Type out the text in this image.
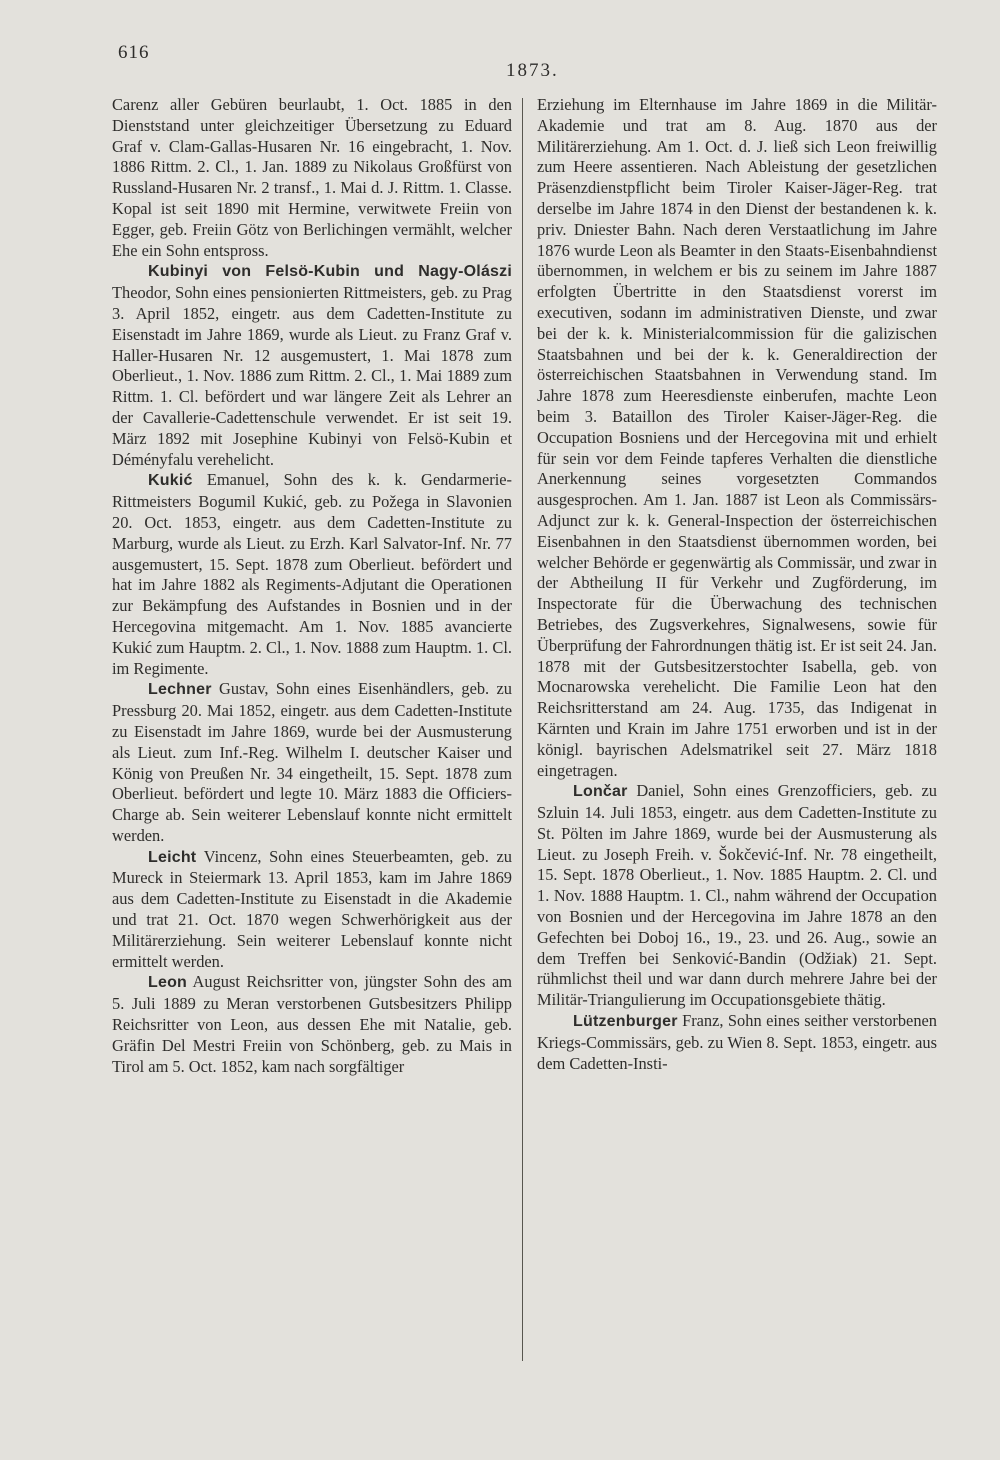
616
1873.

Carenz aller Gebüren beurlaubt, 1. Oct. 1885 in den Dienststand unter gleichzeitiger Übersetzung zu Eduard Graf v. Clam-Gallas-Husaren Nr. 16 eingebracht, 1. Nov. 1886 Rittm. 2. Cl., 1. Jan. 1889 zu Nikolaus Großfürst von Russland-Husaren Nr. 2 transf., 1. Mai d. J. Rittm. 1. Classe. Kopal ist seit 1890 mit Hermine, verwitwete Freiin von Egger, geb. Freiin Götz von Berlichingen vermählt, welcher Ehe ein Sohn entspross.

Kubinyi von Felsö-Kubin und Nagy-Olászi Theodor, Sohn eines pensionierten Rittmeisters, geb. zu Prag 3. April 1852, eingetr. aus dem Cadetten-Institute zu Eisenstadt im Jahre 1869, wurde als Lieut. zu Franz Graf v. Haller-Husaren Nr. 12 ausgemustert, 1. Mai 1878 zum Oberlieut., 1. Nov. 1886 zum Rittm. 2. Cl., 1. Mai 1889 zum Rittm. 1. Cl. befördert und war längere Zeit als Lehrer an der Cavallerie-Cadettenschule verwendet. Er ist seit 19. März 1892 mit Josephine Kubinyi von Felsö-Kubin et Déményfalu verehelicht.

Kukić Emanuel, Sohn des k. k. Gendarmerie-Rittmeisters Bogumil Kukić, geb. zu Požega in Slavonien 20. Oct. 1853, eingetr. aus dem Cadetten-Institute zu Marburg, wurde als Lieut. zu Erzh. Karl Salvator-Inf. Nr. 77 ausgemustert, 15. Sept. 1878 zum Oberlieut. befördert und hat im Jahre 1882 als Regiments-Adjutant die Operationen zur Bekämpfung des Aufstandes in Bosnien und in der Hercegovina mitgemacht. Am 1. Nov. 1885 avancierte Kukić zum Hauptm. 2. Cl., 1. Nov. 1888 zum Hauptm. 1. Cl. im Regimente.

Lechner Gustav, Sohn eines Eisenhändlers, geb. zu Pressburg 20. Mai 1852, eingetr. aus dem Cadetten-Institute zu Eisenstadt im Jahre 1869, wurde bei der Ausmusterung als Lieut. zum Inf.-Reg. Wilhelm I. deutscher Kaiser und König von Preußen Nr. 34 eingetheilt, 15. Sept. 1878 zum Oberlieut. befördert und legte 10. März 1883 die Officiers-Charge ab. Sein weiterer Lebenslauf konnte nicht ermittelt werden.

Leicht Vincenz, Sohn eines Steuerbeamten, geb. zu Mureck in Steiermark 13. April 1853, kam im Jahre 1869 aus dem Cadetten-Institute zu Eisenstadt in die Akademie und trat 21. Oct. 1870 wegen Schwerhörigkeit aus der Militärerziehung. Sein weiterer Lebenslauf konnte nicht ermittelt werden.

Leon August Reichsritter von, jüngster Sohn des am 5. Juli 1889 zu Meran verstorbenen Gutsbesitzers Philipp Reichsritter von Leon, aus dessen Ehe mit Natalie, geb. Gräfin Del Mestri Freiin von Schönberg, geb. zu Mais in Tirol am 5. Oct. 1852, kam nach sorgfältiger

Erziehung im Elternhause im Jahre 1869 in die Militär-Akademie und trat am 8. Aug. 1870 aus der Militärerziehung. Am 1. Oct. d. J. ließ sich Leon freiwillig zum Heere assentieren. Nach Ableistung der gesetzlichen Präsenzdienstpflicht beim Tiroler Kaiser-Jäger-Reg. trat derselbe im Jahre 1874 in den Dienst der bestandenen k. k. priv. Dniester Bahn. Nach deren Verstaatlichung im Jahre 1876 wurde Leon als Beamter in den Staats-Eisenbahndienst übernommen, in welchem er bis zu seinem im Jahre 1887 erfolgten Übertritte in den Staatsdienst vorerst im executiven, sodann im administrativen Dienste, und zwar bei der k. k. Ministerialcommission für die galizischen Staatsbahnen und bei der k. k. Generaldirection der österreichischen Staatsbahnen in Verwendung stand. Im Jahre 1878 zum Heeresdienste einberufen, machte Leon beim 3. Bataillon des Tiroler Kaiser-Jäger-Reg. die Occupation Bosniens und der Hercegovina mit und erhielt für sein vor dem Feinde tapferes Verhalten die dienstliche Anerkennung seines vorgesetzten Commandos ausgesprochen. Am 1. Jan. 1887 ist Leon als Commissärs-Adjunct zur k. k. General-Inspection der österreichischen Eisenbahnen in den Staatsdienst übernommen worden, bei welcher Behörde er gegenwärtig als Commissär, und zwar in der Abtheilung II für Verkehr und Zugförderung, im Inspectorate für die Überwachung des technischen Betriebes, des Zugsverkehres, Signalwesens, sowie für Überprüfung der Fahrordnungen thätig ist. Er ist seit 24. Jan. 1878 mit der Gutsbesitzerstochter Isabella, geb. von Mocnarowska verehelicht. Die Familie Leon hat den Reichsritterstand am 24. Aug. 1735, das Indigenat in Kärnten und Krain im Jahre 1751 erworben und ist in der königl. bayrischen Adelsmatrikel seit 27. März 1818 eingetragen.

Lončar Daniel, Sohn eines Grenzofficiers, geb. zu Szluin 14. Juli 1853, eingetr. aus dem Cadetten-Institute zu St. Pölten im Jahre 1869, wurde bei der Ausmusterung als Lieut. zu Joseph Freih. v. Šokčević-Inf. Nr. 78 eingetheilt, 15. Sept. 1878 Oberlieut., 1. Nov. 1885 Hauptm. 2. Cl. und 1. Nov. 1888 Hauptm. 1. Cl., nahm während der Occupation von Bosnien und der Hercegovina im Jahre 1878 an den Gefechten bei Doboj 16., 19., 23. und 26. Aug., sowie an dem Treffen bei Senković-Bandin (Odžiak) 21. Sept. rühmlichst theil und war dann durch mehrere Jahre bei der Militär-Triangulierung im Occupationsgebiete thätig.

Lützenburger Franz, Sohn eines seither verstorbenen Kriegs-Commissärs, geb. zu Wien 8. Sept. 1853, eingetr. aus dem Cadetten-Insti-
